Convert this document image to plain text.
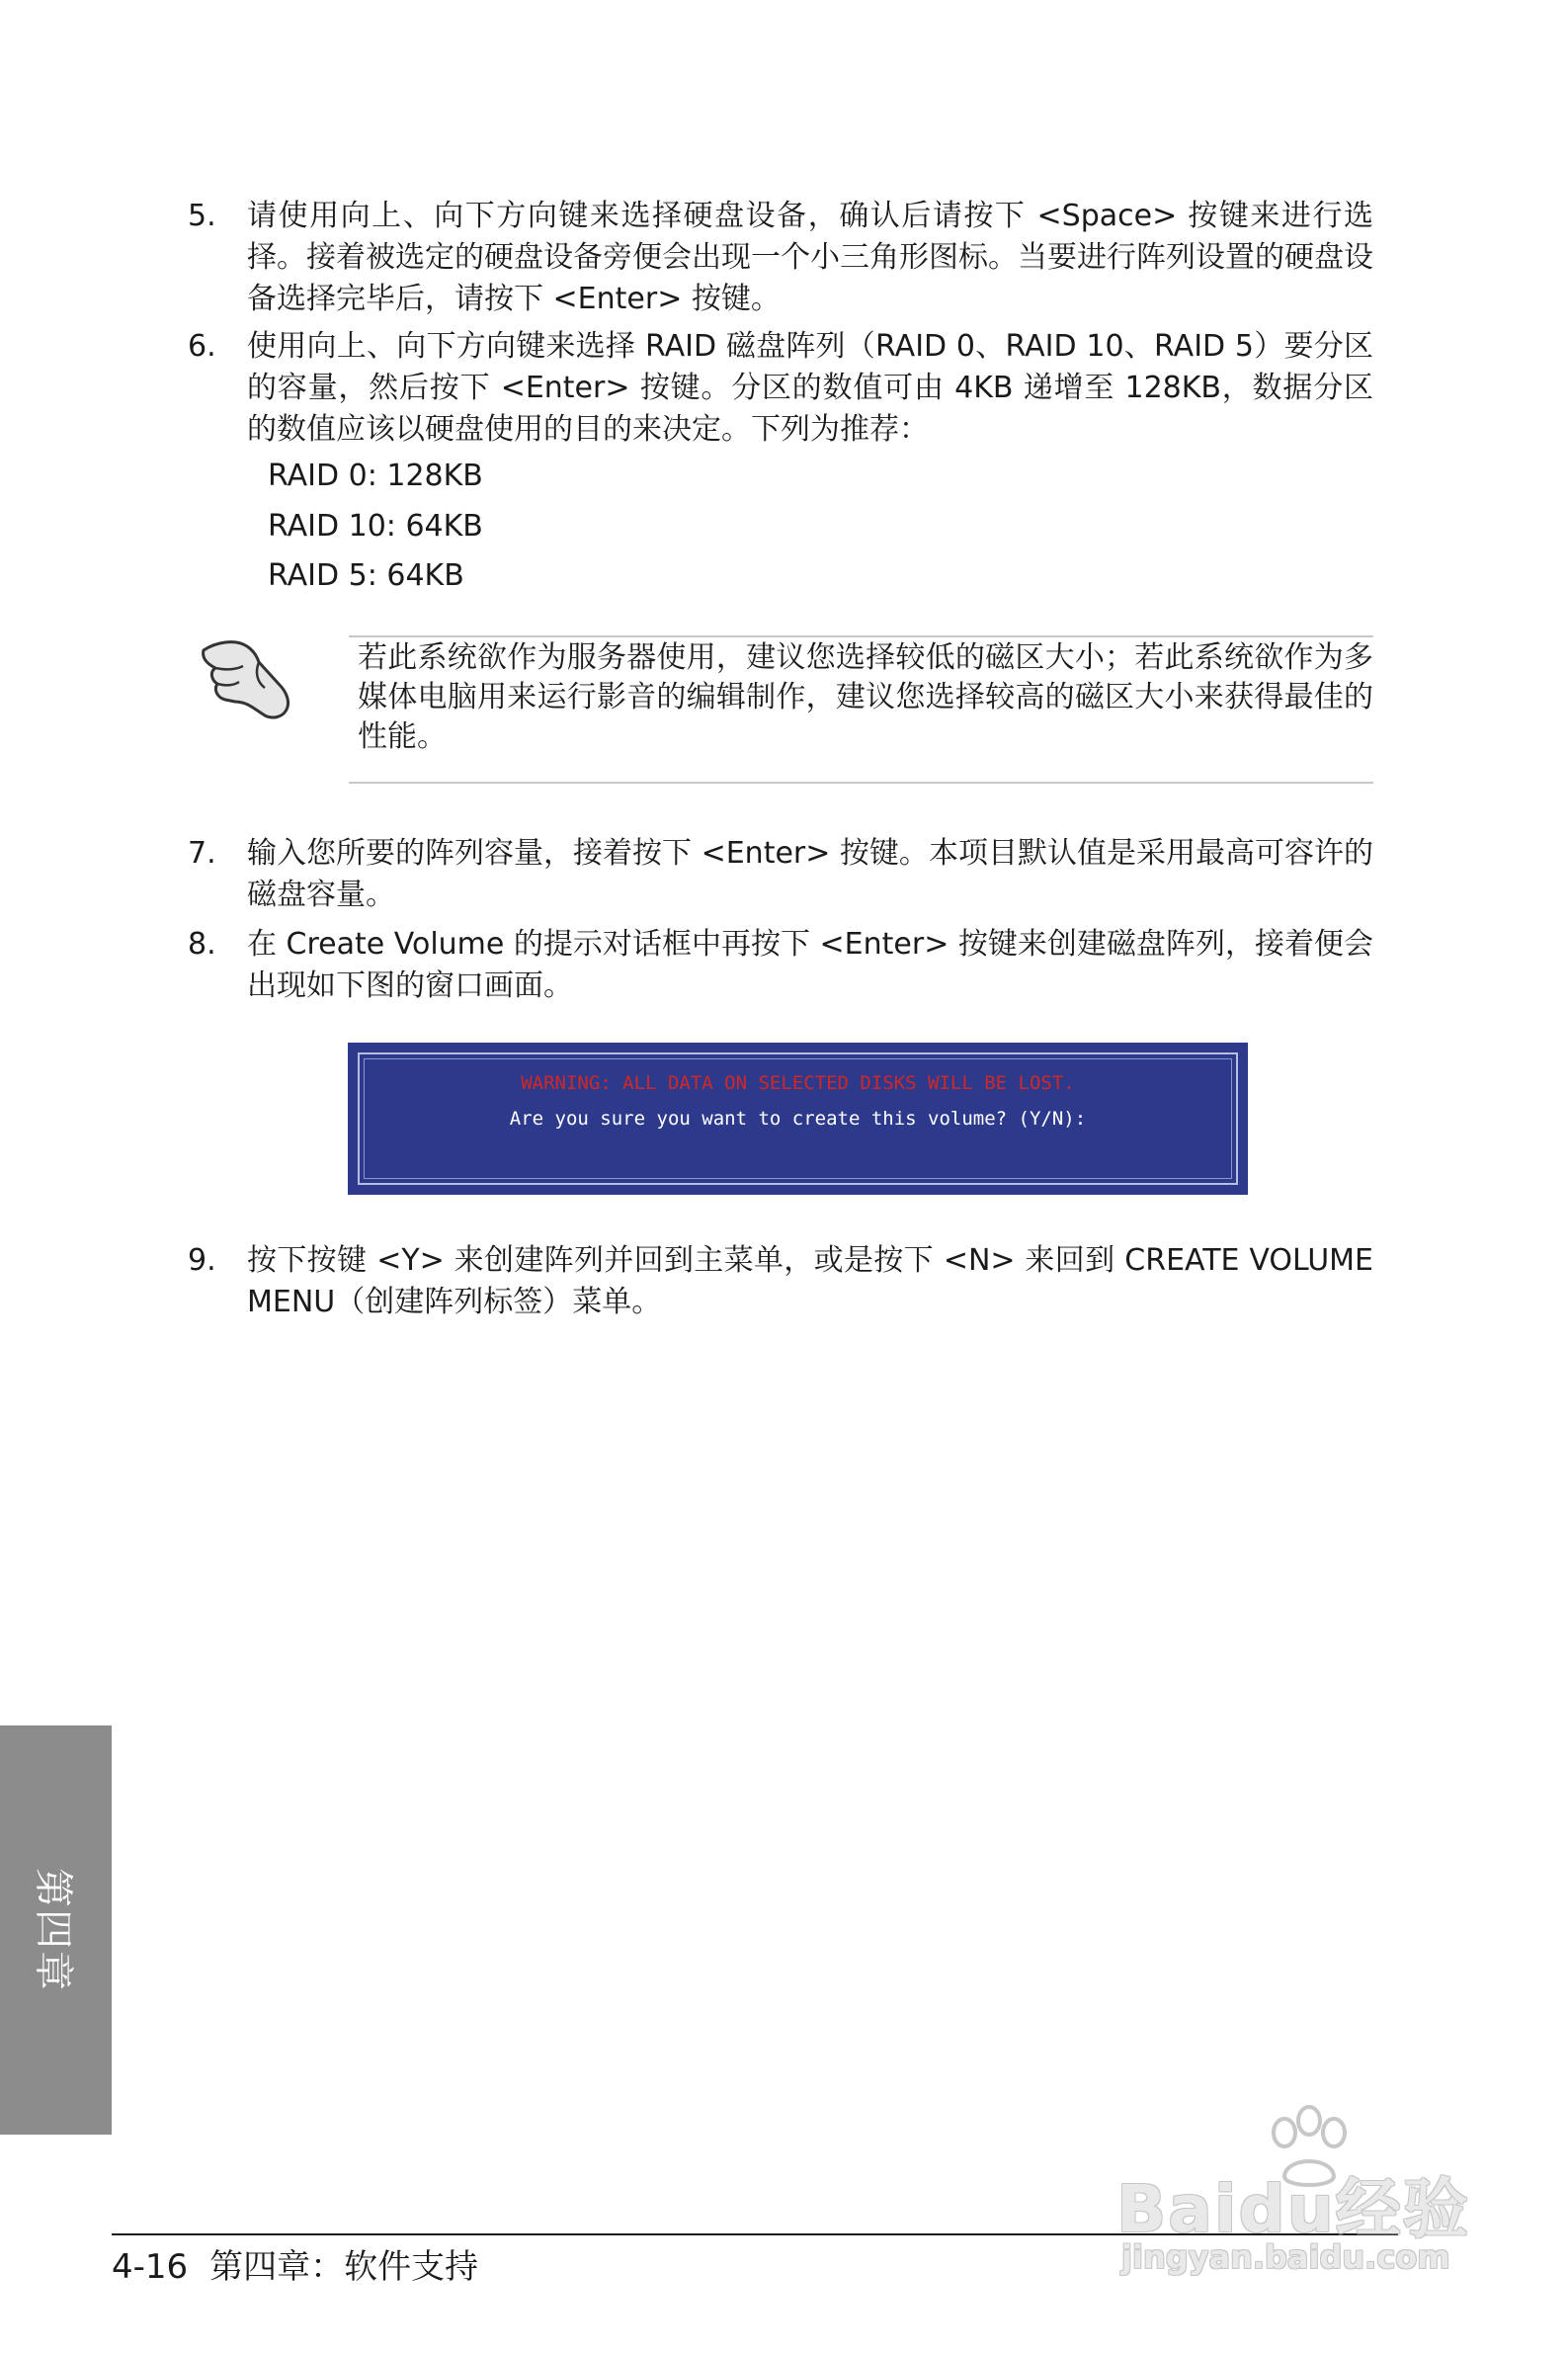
5.	请使用向上、向下方向键来选择硬盘设备，确认后请按下 <Space> 按键来进行选择。接着被选定的硬盘设备旁便会出现一个小三角形图标。当要进行阵列设置的硬盘设备选择完毕后，请按下 <Enter> 按键。
6.	使用向上、向下方向键来选择 RAID 磁盘阵列（RAID 0、RAID 10、RAID 5）要分区的容量，然后按下 <Enter> 按键。分区的数值可由 4KB 递增至 128KB，数据分区的数值应该以硬盘使用的目的来决定。下列为推荐：
RAID 0: 128KB
RAID 10: 64KB
RAID 5: 64KB
若此系统欲作为服务器使用，建议您选择较低的磁区大小；若此系统欲作为多媒体电脑用来运行影音的编辑制作，建议您选择较高的磁区大小来获得最佳的性能。
7.	输入您所要的阵列容量，接着按下 <Enter> 按键。本项目默认值是采用最高可容许的磁盘容量。
8.	在 Create Volume 的提示对话框中再按下 <Enter> 按键来创建磁盘阵列，接着便会出现如下图的窗口画面。
WARNING: ALL DATA ON SELECTED DISKS WILL BE LOST.
Are you sure you want to create this volume? (Y/N):
9.	按下按键 <Y> 来创建阵列并回到主菜单，或是按下 <N> 来回到 CREATE VOLUME MENU（创建阵列标签）菜单。
第四章
4-16 第四章：软件支持
Baidu经验
jingyan.baidu.com
